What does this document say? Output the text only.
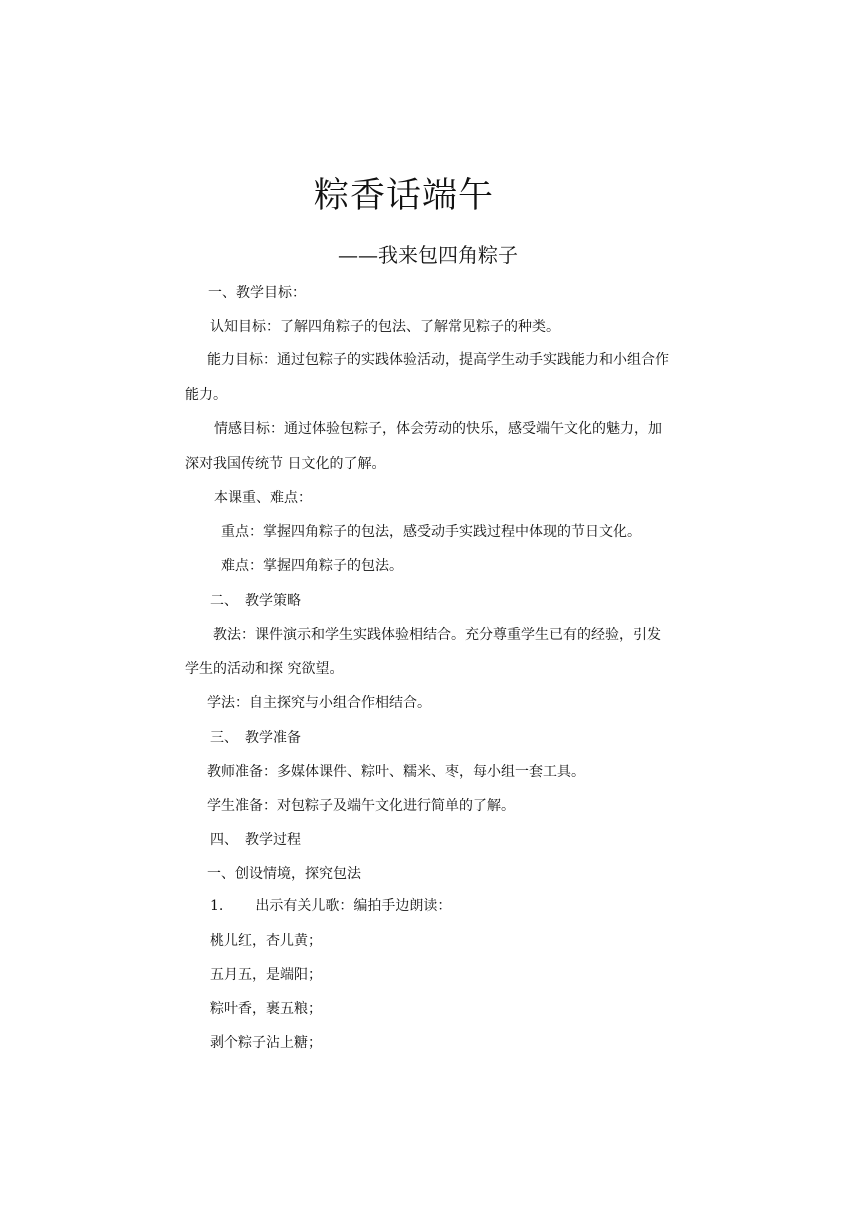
粽香话端午

——我来包四角粽子

一、教学目标：

认知目标：了解四角粽子的包法、了解常见粽子的种类。

能力目标：通过包粽子的实践体验活动，提高学生动手实践能力和小组合作

能力。

情感目标：通过体验包粽子，体会劳动的快乐，感受端午文化的魅力，加

深对我国传统节 日文化的了解。

本课重、难点：

重点：掌握四角粽子的包法，感受动手实践过程中体现的节日文化。

难点：掌握四角粽子的包法。

二、　教学策略

教法：课件演示和学生实践体验相结合。充分尊重学生已有的经验，引发

学生的活动和探 究欲望。

学法：自主探究与小组合作相结合。

三、　教学准备

教师准备：多媒体课件、粽叶、糯米、枣，每小组一套工具。

学生准备：对包粽子及端午文化进行简单的了解。

四、　教学过程

一、创设情境，探究包法

1. 出示有关儿歌：编拍手边朗读：

桃儿红，杏儿黄；

五月五，是端阳；

粽叶香，裹五粮；

剥个粽子沾上糖；
